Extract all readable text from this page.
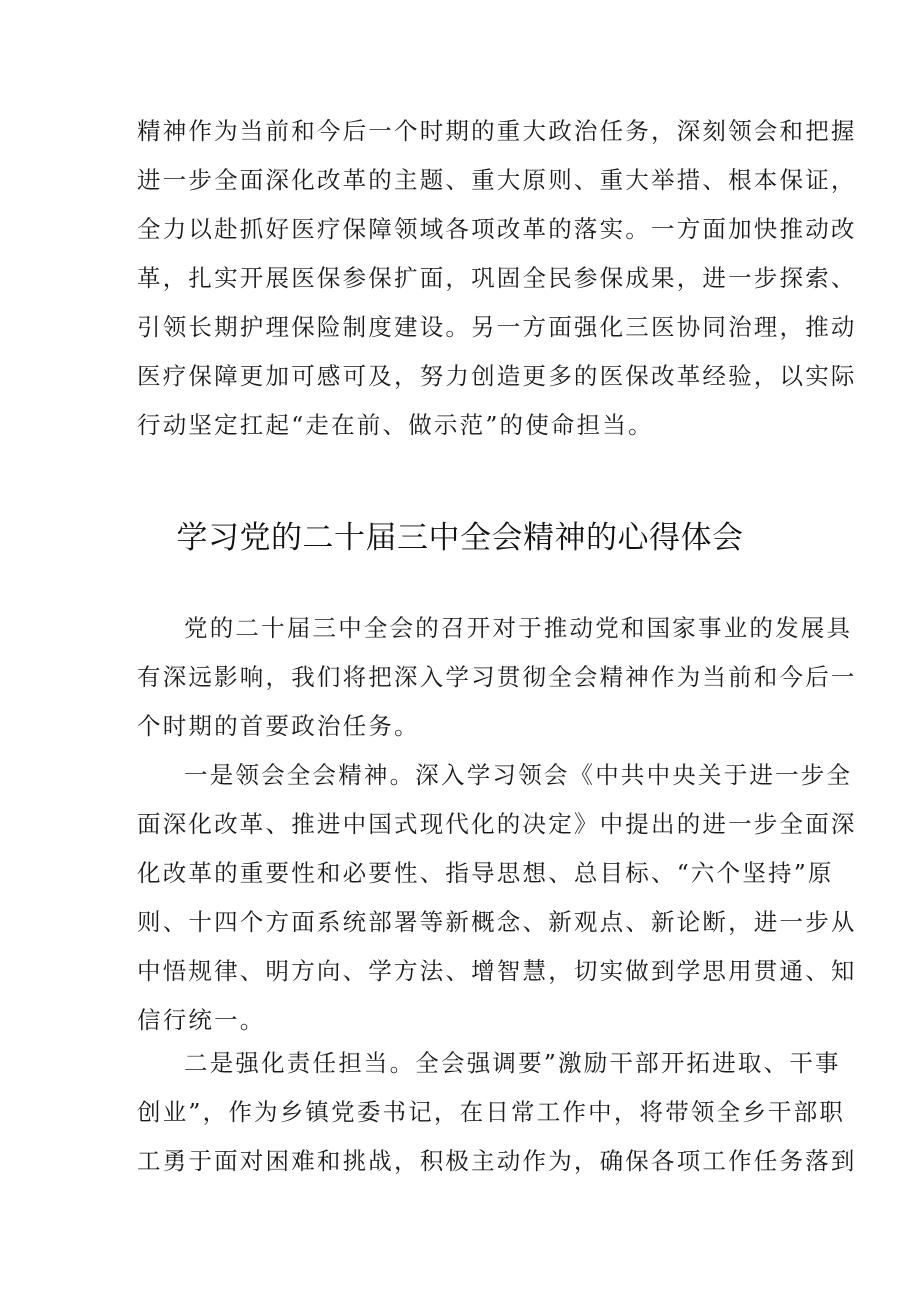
精神作为当前和今后一个时期的重大政治任务，深刻领会和把握
进一步全面深化改革的主题、重大原则、重大举措、根本保证，
全力以赴抓好医疗保障领域各项改革的落实。一方面加快推动改
革，扎实开展医保参保扩面，巩固全民参保成果，进一步探索、
引领长期护理保险制度建设。另一方面强化三医协同治理，推动
医疗保障更加可感可及，努力创造更多的医保改革经验，以实际
行动坚定扛起“走在前、做示范”的使命担当。
学习党的二十届三中全会精神的心得体会
党的二十届三中全会的召开对于推动党和国家事业的发展具
有深远影响，我们将把深入学习贯彻全会精神作为当前和今后一
个时期的首要政治任务。
一是领会全会精神。深入学习领会《中共中央关于进一步全
面深化改革、推进中国式现代化的决定》中提出的进一步全面深
化改革的重要性和必要性、指导思想、总目标、“六个坚持”原
则、十四个方面系统部署等新概念、新观点、新论断，进一步从
中悟规律、明方向、学方法、增智慧，切实做到学思用贯通、知
信行统一。
二是强化责任担当。全会强调要”激励干部开拓进取、干事
创业”，作为乡镇党委书记，在日常工作中，将带领全乡干部职
工勇于面对困难和挑战，积极主动作为，确保各项工作任务落到
